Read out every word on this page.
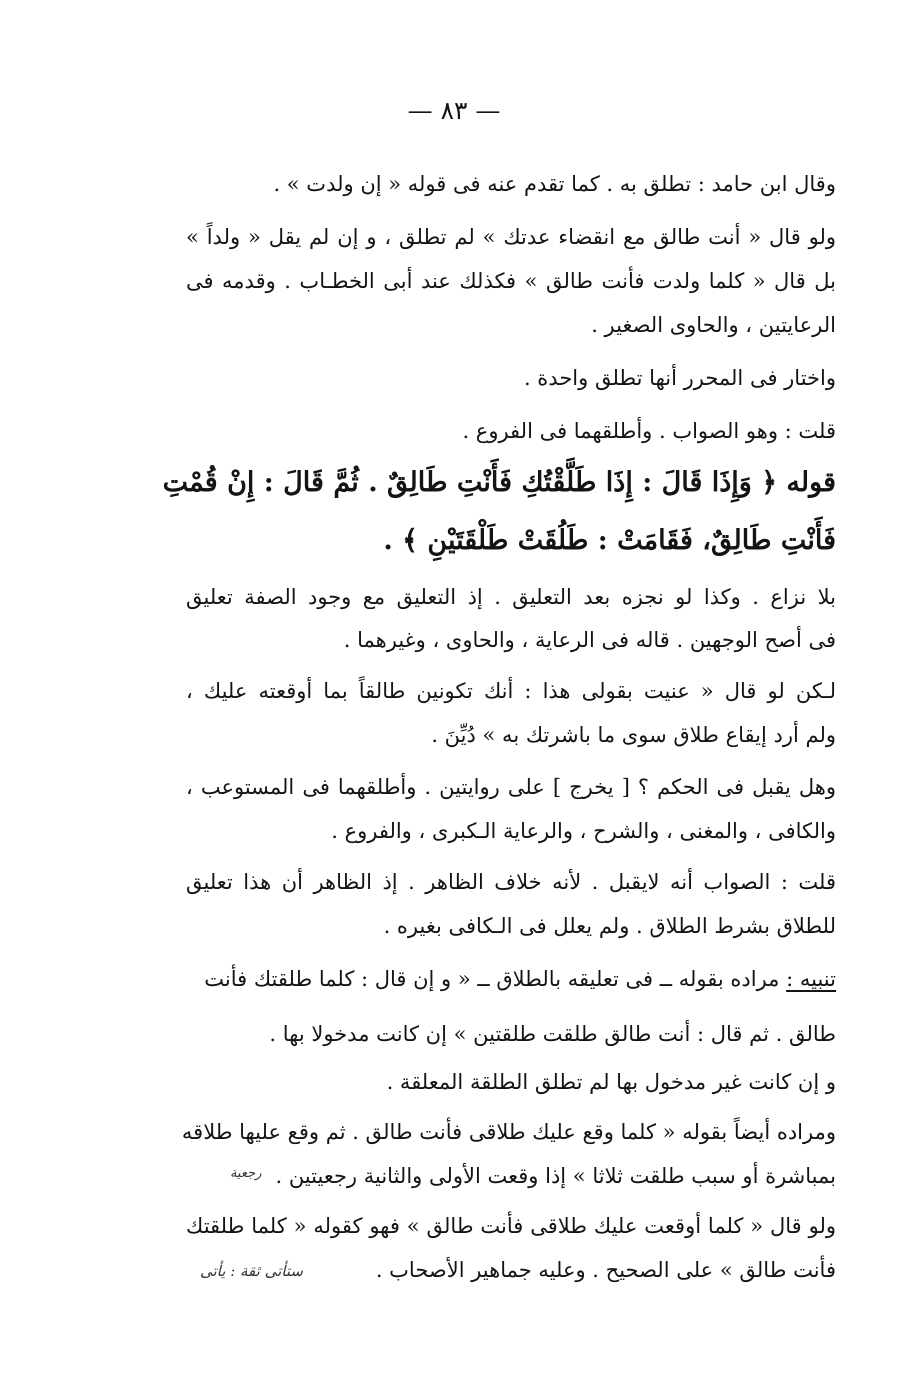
— ٨٣ —
وقال ابن حامد : تطلق به . كما تقدم عنه فى قوله « إن ولدت » .
ولو قال « أنت طالق مع انقضاء عدتك » لم تطلق ، و إن لم يقل « ولداً »
بل قال « كلما ولدت فأنت طالق » فكذلك عند أبى الخطـاب . وقدمه فى
الرعايتين ، والحاوى الصغير .
واختار فى المحرر أنها تطلق واحدة .
قلت : وهو الصواب . وأطلقهما فى الفروع .
قوله ﴿ وَإِذَا قَالَ : إِذَا طَلَّقْتُكِ فَأَنْتِ طَالِقٌ . ثُمَّ قَالَ : إِنْ قُمْتِ
فَأَنْتِ طَالِقٌ، فَقَامَتْ : طَلُقَتْ طَلْقَتَيْنِ ﴾ .
بلا نزاع . وكذا لو نجزه بعد التعليق . إذ التعليق مع وجود الصفة تعليق
فى أصح الوجهين . قاله فى الرعاية ، والحاوى ، وغيرهما .
لـكن لو قال « عنيت بقولى هذا : أنك تكونين طالقاً بما أوقعته عليك ،
ولم أرد إيقاع طلاق سوى ما باشرتك به » دُيِّنَ .
وهل يقبل فى الحكم ؟ [ يخرج ] على روايتين . وأطلقهما فى المستوعب ،
والكافى ، والمغنى ، والشرح ، والرعاية الـكبرى ، والفروع .
قلت : الصواب أنه لايقبل . لأنه خلاف الظاهر . إذ الظاهر أن هذا تعليق
للطلاق بشرط الطلاق . ولم يعلل فى الـكافى بغيره .
تنبيه : مراده بقوله ــ فى تعليقه بالطلاق ــ « و إن قال : كلما طلقتك فأنت
طالق . ثم قال : أنت طالق طلقت طلقتين » إن كانت مدخولا بها .
و إن كانت غير مدخول بها لم تطلق الطلقة المعلقة .
ومراده أيضاً بقوله « كلما وقع عليك طلاقى فأنت طالق . ثم وقع عليها طلاقه
بمباشرة أو سبب طلقت ثلاثا » إذا وقعت الأولى والثانية رجعيتين .
ولو قال « كلما أوقعت عليك طلاقى فأنت طالق » فهو كقوله « كلما طلقتك
فأنت طالق » على الصحيح . وعليه جماهير الأصحاب .
رجعية
ستأتى ثقة : يأتى
